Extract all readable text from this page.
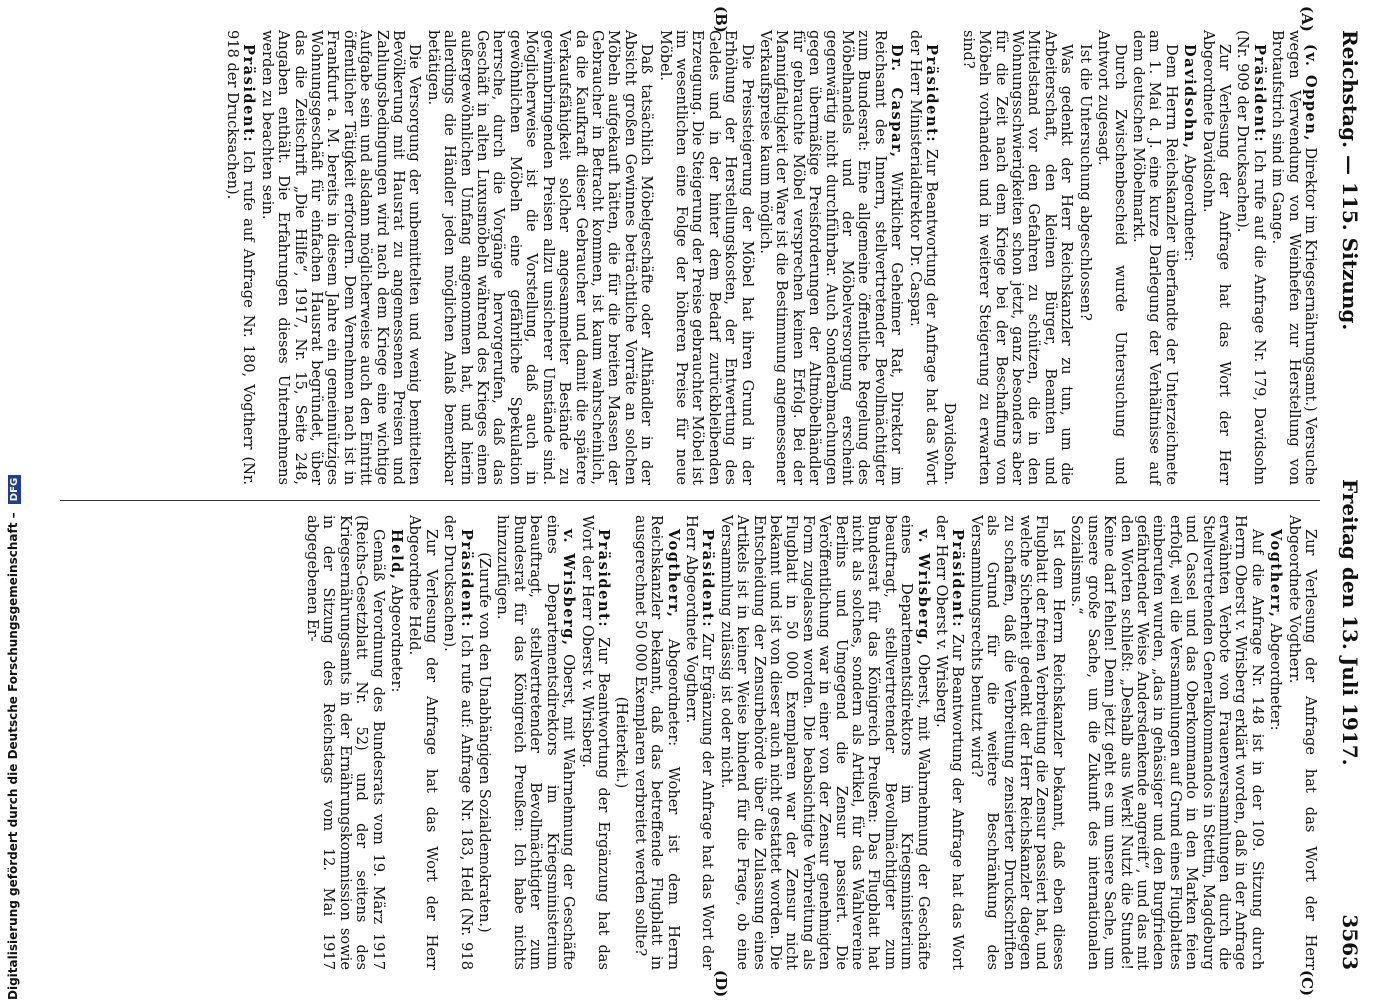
Digitalisierung gefördert durch die Deutsche Forschungsgemeinschaft – DFG
Reichstag. — 115. Sitzung.
Freitag den 13. Juli 1917.
3563
(A)
(B)
(C)
(D)

(v. Oppen, Direktor im Kriegsernährungsamt.) Versuche wegen Verwendung von Weinhefen zur Herstellung von Brotaufstrich sind im Gange.

Präsident: Ich rufe auf die Anfrage Nr. 179, Davidsohn (Nr. 909 der Drucksachen).

Zur Verlesung der Anfrage hat das Wort der Herr Abgeordnete Davidsohn.

Davidsohn, Abgeordneter:

Dem Herrn Reichskanzler überfandte der Unterzeichnete am 1. Mai d. J. eine kurze Darlegung der Verhältnisse auf dem deutschen Möbelmarkt.

Durch Zwischenbescheid wurde Untersuchung und Antwort zugesagt.

Ist die Untersuchung abgeschlossen?

Was gedenkt der Herr Reichskanzler zu tun, um die Arbeiterschaft, den kleinen Bürger, Beamten und Mittelstand vor den Gefahren zu schützen, die in den Wohnungsschwierigkeiten schon jetzt, ganz besonders aber für die Zeit nach dem Kriege bei der Beschaffung von Möbeln vorhanden und in weiterer Steigerung zu erwarten sind?

Davidsohn.

Präsident: Zur Beantwortung der Anfrage hat das Wort der Herr Ministerialdirektor Dr. Caspar.

Dr. Caspar, Wirklicher Geheimer Rat, Direktor im Reichsamt des Innern, stellvertretender Bevollmächtigter zum Bundesrat: Eine allgemeine öffentliche Regelung des Möbelhandels und der Möbelversorgung erscheint gegenwärtig nicht durchführbar. Auch Sonderabmachungen gegen übermäßige Preisforderungen der Altmöbelhändler für gebrauchte Möbel versprechen keinen Erfolg. Bei der Mannigfaltigkeit der Ware ist die Bestimmung angemessener Verkaufspreise kaum möglich.

Die Preissteigerung der Möbel hat ihren Grund in der Erhöhung der Herstellungskosten, der Entwertung des Geldes und in der hinter dem Bedarf zurückbleibenden Erzeugung. Die Steigerung der Preise gebrauchter Möbel ist im wesentlichen eine Folge der höheren Preise für neue Möbel.

Daß tatsächlich Möbelgeschäfte oder Althändler in der Absicht großen Gewinnes beträchtliche Vorräte an solchen Möbeln aufgekauft hätten, die für die breiten Massen der Gebraucher in Betracht kommen, ist kaum wahrscheinlich, da die Kaufkraft dieser Gebraucher und damit die spätere Verkaufsfähigkeit solcher angesammelter Bestände zu gewinnbringenden Preisen allzu unsicherer Umstände sind. Möglicherweise ist die Vorstellung, daß auch in gewöhnlichen Möbeln eine gefährliche Spekulation herrsche, durch die Vorgänge hervorgerufen, daß das Geschäft in alten Luxusmöbeln während des Krieges einen außergewöhnlichen Umfang angenommen hat, und hierin allerdings die Händler jeden möglichen Anlaß bemerkbar betätigen.

Die Versorgung der unbemittelten und wenig bemittelten Bevölkerung mit Hausrat zu angemessenen Preisen und Zahlungsbedingungen wird nach dem Kriege eine wichtige Aufgabe sein und alsdann möglicherweise auch den Eintritt öffentlicher Tätigkeit erfordern. Dem Vernehmen nach ist in Frankfurt a. M. bereits in diesem Jahre ein gemeinnütziges Wohnungsgeschäft für einfachen Hausrat begründet, über das die Zeitschrift „Die Hilfe“, 1917, Nr. 15, Seite 248, Angaben enthält. Die Erfahrungen dieses Unternehmens werden zu beachten sein.

Präsident: Ich rufe auf Anfrage Nr. 180, Vogtherr (Nr. 918 der Drucksachen).

Zur Verlesung der Anfrage hat das Wort der Herr Abgeordnete Vogtherr.

Vogtherr, Abgeordneter:

Auf die Anfrage Nr. 148 ist in der 109. Sitzung durch Herrn Oberst v. Wrisberg erklärt worden, daß in der Anfrage erwähnten Verbote von Frauenversammlungen durch die Stellvertretenden Generalkommandos in Stettin, Magdeburg und Cassel und das Oberkommando in den Marken feien erfolgt, weil die Versammlungen auf Grund eines Flugblattes einberufen wurden, „das in gehässiger und den Burgfrieden gefährdender Weise Andersdenkende angreift“, und das mit den Worten schließt: „Deshalb aus Werk! Nutzt die Stunde! Keine darf fehlen! Denn jetzt geht es um unsere Sache, um unsere große Sache, um die Zukunft des internationalen Sozialismus.“

Ist dem Herrn Reichskanzler bekannt, daß eben dieses Flugblatt der freien Verbreitung die Zensur passiert hat, und welche Sicherheit gedenkt der Herr Reichskanzler dagegen zu schaffen, daß die Verbreitung zensierter Druckschriften als Grund für die weitere Beschränkung des Versammlungsrechts benutzt wird?

Präsident: Zur Beantwortung der Anfrage hat das Wort der Herr Oberst v. Wrisberg.

v. Wrisberg, Oberst, mit Wahrnehmung der Geschäfte eines Departementsdirektors im Kriegsministerium beauftragt, stellvertretender Bevollmächtigter zum Bundesrat für das Königreich Preußen: Das Flugblatt hat nicht als solches, sondern als Artikel, für das Wahlvereine Berlins und Umgegend die Zensur passiert. Die Veröffentlichung war in einer von der Zensur genehmigten Form zugelassen worden. Die beabsichtigte Verbreitung als Flugblatt in 50 000 Exemplaren war der Zensur nicht bekannt und ist von dieser auch nicht gestattet worden. Die Entscheidung der Zensurbehörde über die Zulassung eines Artikels ist in keiner Weise bindend für die Frage, ob eine Versammlung zulässig ist oder nicht.

Präsident: Zur Ergänzung der Anfrage hat das Wort der Herr Abgeordnete Vogtherr.

Vogtherr, Abgeordneter: Woher ist dem Herrn Reichskanzler bekannt, daß das betreffende Flugblatt in ausgerechnet 50 000 Exemplaren verbreitet werden sollte?

(Heiterkeit.)

Präsident: Zur Beantwortung der Ergänzung hat das Wort der Herr Oberst v. Wrisberg.

v. Wrisberg, Oberst, mit Wahrnehmung der Geschäfte eines Departementsdirektors im Kriegsministerium beauftragt, stellvertretender Bevollmächtigter zum Bundesrat für das Königreich Preußen: Ich habe nichts hinzuzufügen.

(Zurufe von den Unabhängigen Sozialdemokraten.)

Präsident: Ich rufe auf: Anfrage Nr. 183, Held (Nr. 918 der Drucksachen).

Zur Verlesung der Anfrage hat das Wort der Herr Abgeordnete Held.

Held, Abgeordneter:

Gemäß Verordnung des Bundesrats vom 19. März 1917 (Reichs-Gesetzblatt Nr. 52) und der seitens des Kriegsernährungsamts in der Ernährungskommission sowie in der Sitzung des Reichstags vom 12. Mai 1917 abgegebenen Er-
